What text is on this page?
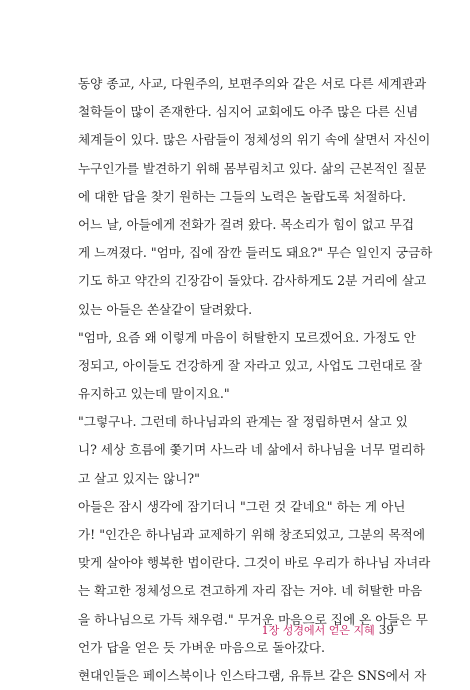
동양 종교, 사교, 다원주의, 보편주의와 같은 서로 다른 세계관과
철학들이 많이 존재한다. 심지어 교회에도 아주 많은 다른 신념
체계들이 있다. 많은 사람들이 정체성의 위기 속에 살면서 자신이
누구인가를 발견하기 위해 몸부림치고 있다. 삶의 근본적인 질문
에 대한 답을 찾기 원하는 그들의 노력은 놀랍도록 처절하다.
어느 날, 아들에게 전화가 걸려 왔다. 목소리가 힘이 없고 무겁
게 느껴졌다. "엄마, 집에 잠깐 들러도 돼요?" 무슨 일인지 궁금하
기도 하고 약간의 긴장감이 돌았다. 감사하게도 2분 거리에 살고
있는 아들은 쏜살같이 달려왔다.
"엄마, 요즘 왜 이렇게 마음이 허탈한지 모르겠어요. 가정도 안
정되고, 아이들도 건강하게 잘 자라고 있고, 사업도 그런대로 잘
유지하고 있는데 말이지요."
"그렇구나. 그런데 하나님과의 관계는 잘 정립하면서 살고 있
니? 세상 흐름에 쫓기며 사느라 네 삶에서 하나님을 너무 멀리하
고 살고 있지는 않니?"
아들은 잠시 생각에 잠기더니 "그런 것 같네요" 하는 게 아닌
가! "인간은 하나님과 교제하기 위해 창조되었고, 그분의 목적에
맞게 살아야 행복한 법이란다. 그것이 바로 우리가 하나님 자녀라
는 확고한 정체성으로 견고하게 자리 잡는 거야. 네 허탈한 마음
을 하나님으로 가득 채우렴." 무거운 마음으로 집에 온 아들은 무
언가 답을 얻은 듯 가벼운 마음으로 돌아갔다.
현대인들은 페이스북이나 인스타그램, 유튜브 같은 SNS에서 자
1장 성경에서 얻은 지혜 39
